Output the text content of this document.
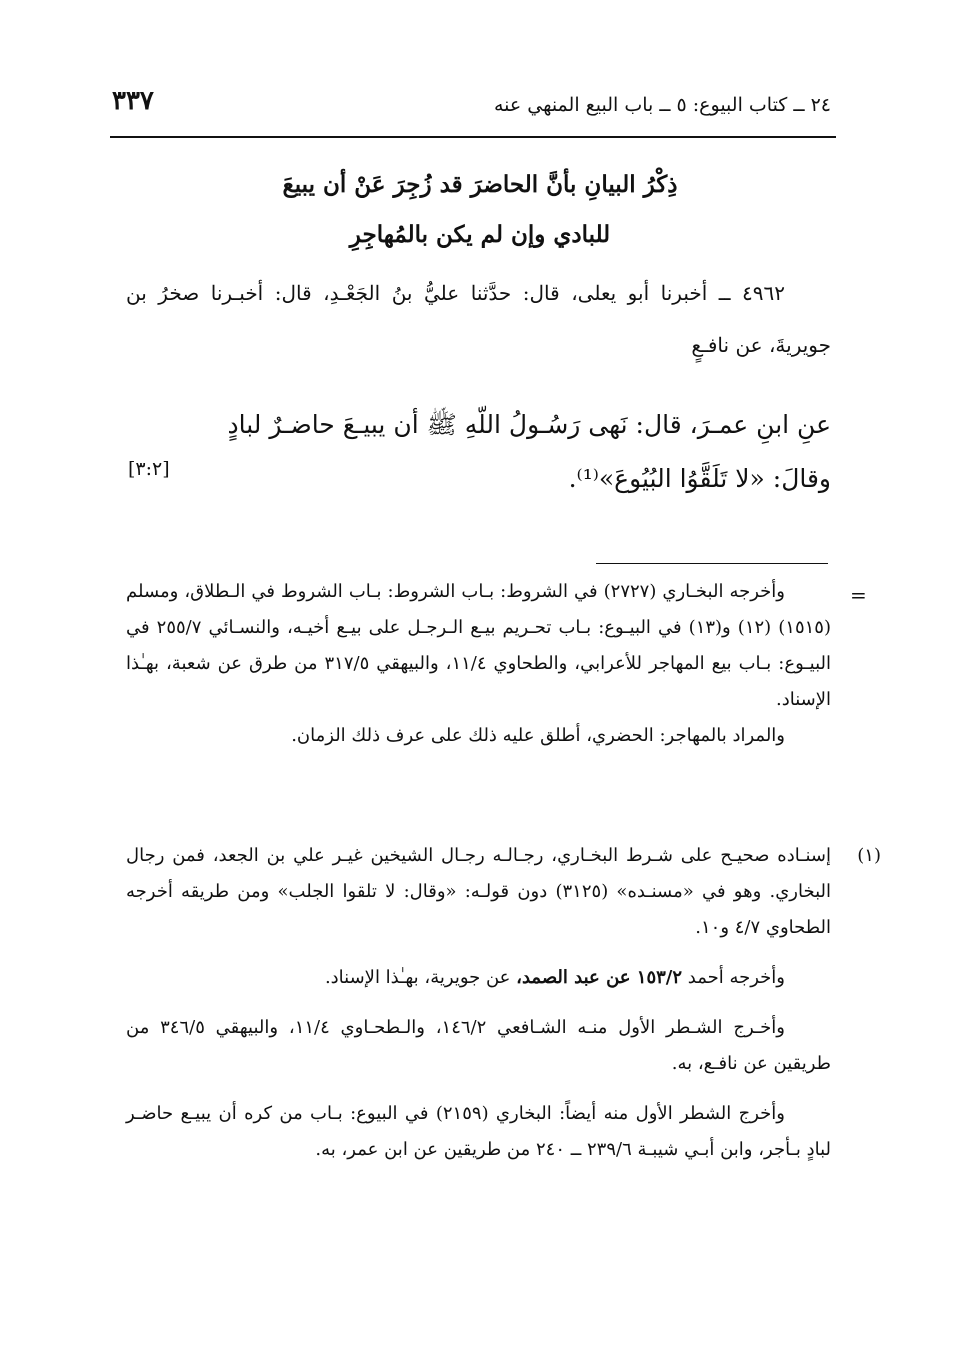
٣٣٧	٢٤ ــ كتاب البيوع: ٥ ــ باب البيع المنهي عنه
ذِكْرُ البيانِ بأنَّ الحاضرَ قد زُجِرَ عَنْ أن يبيعَ
للبادي وإن لم يكن بالمُهاجِرِ

٤٩٦٢ ــ أخبرنا أبو يعلى، قال: حدَّثنا عليُّ بنُ الجَعْـدِ، قال: أخبـرنا صخرُ بن جويريةَ، عن نافـعٍ

عنِ ابنِ عمـرَ، قال: نَهى رَسُـولُ اللّهِ ﷺ أن يبيـعَ حاضـرٌ لبادٍ
وقالَ: «لا تَلَقَّوُا البُيُوعَ»⁽¹⁾.
[٣:٢]
=

وأخرجه البخـاري (٢٧٢٧) في الشروط: بـاب الشروط: بـاب الشروط في الـطلاق، ومسلم (١٥١٥) (١٢) و(١٣) في البيـوع: بـاب تحـريم بيـع الـرجـل على بيـع أخيـه، والنسـائي ٢٥٥/٧ في البيـوع: بـاب بيع المهاجر للأعرابي، والطحاوي ١١/٤، والبيهقي ٣١٧/٥ من طرق عن شعبة، بهـٰذا الإسناد.

والمراد بالمهاجر: الحضري، أطلق عليه ذلك على عرف ذلك الزمان.

(١)

إسنـاده صحيـح على شـرط البخـاري، رجـالـه رجـال الشيخين غيـر علي بن الجعد، فمن رجال البخاري. وهو في «مسنـده» (٣١٢٥) دون قولـه: «وقال: لا تلقوا الجلب» ومن طريقه أخرجه الطحاوي ٤/٧ و١٠.

وأخرجه أحمد ١٥٣/٢ عن عبد الصمد، عن جويرية، بهـٰذا الإسناد.

وأخـرج الشـطر الأول منـه الشـافعي ١٤٦/٢، والـطحـاوي ١١/٤، والبيهقي ٣٤٦/٥ من طريقين عن نافـع، به.

وأخرج الشطر الأول منه أيضاً: البخاري (٢١٥٩) في البيوع: بـاب من كره أن يبيـع حاضـر لبادٍ بـأجر، وابن أبـي شيبـة ٢٣٩/٦ ــ ٢٤٠ من طريقين عن ابن عمر، به.
